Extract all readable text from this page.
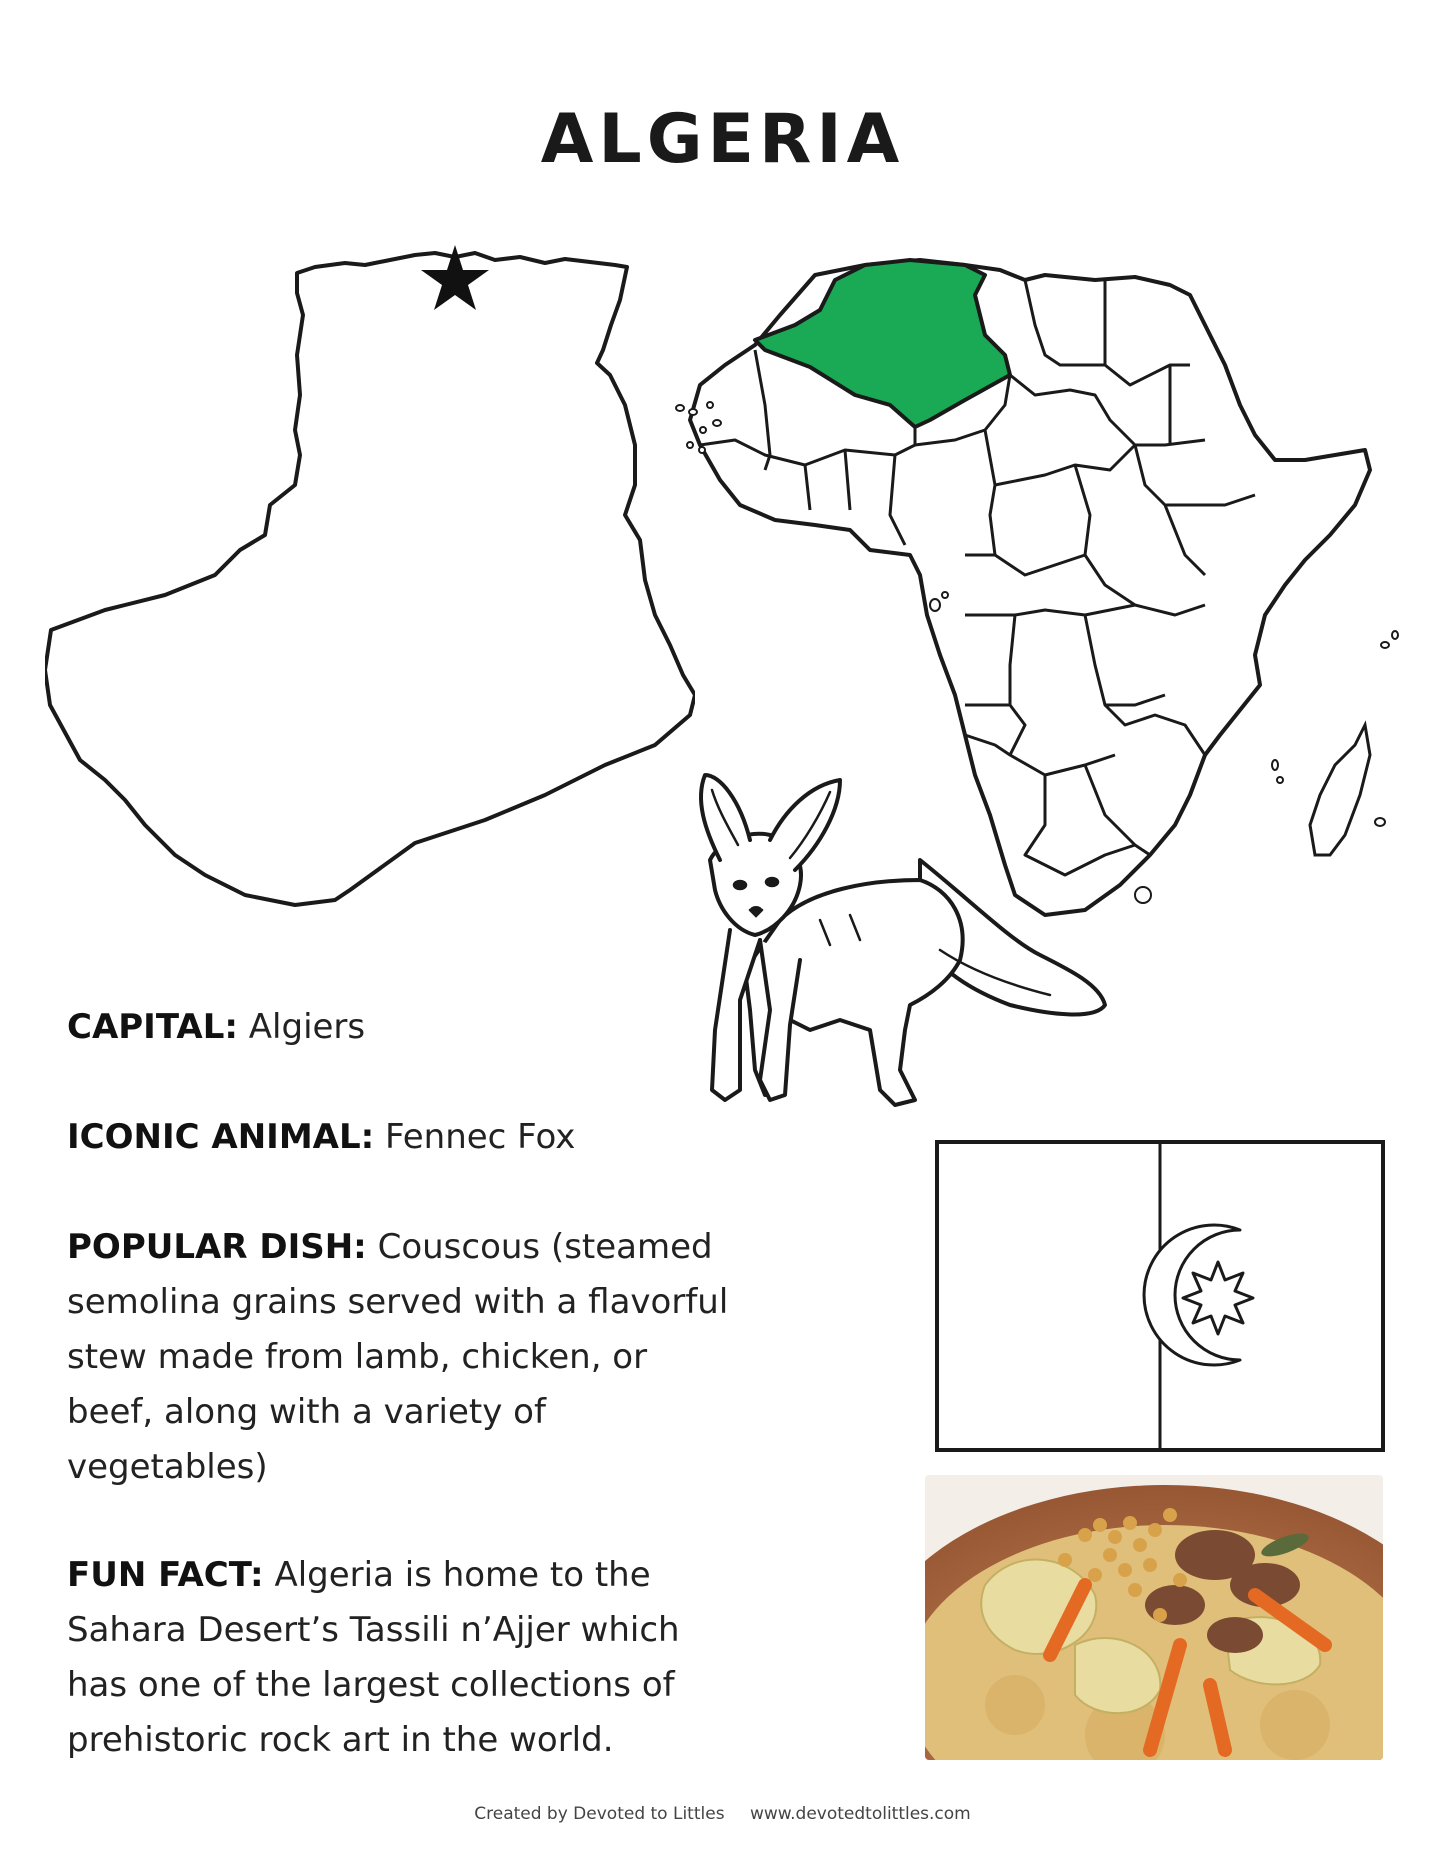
ALGERIA

CAPITAL: Algiers

ICONIC ANIMAL: Fennec Fox

POPULAR DISH: Couscous (steamed
semolina grains served with a flavorful
stew made from lamb, chicken, or
beef, along with a variety of
vegetables)
FUN FACT: Algeria is home to the
Sahara Desert’s Tassili n’Ajjer which
has one of the largest collections of
prehistoric rock art in the world.
Created by Devoted to Littles www.devotedtolittles.com
